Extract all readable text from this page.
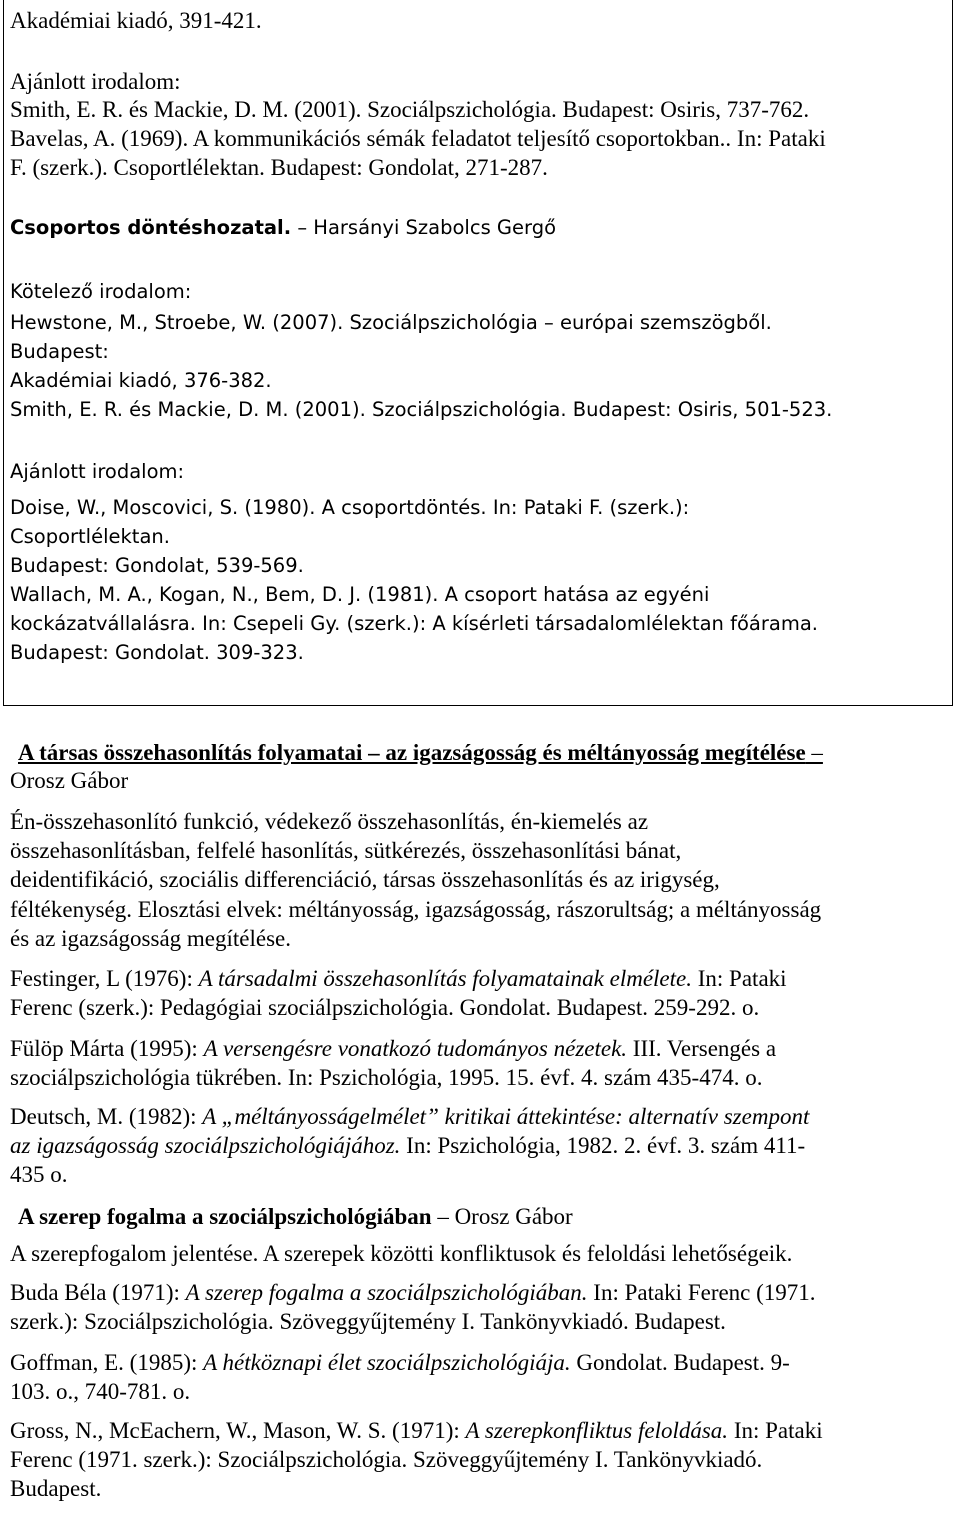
Akadémiai kiadó, 391-421.
Ajánlott irodalom:
Smith, E. R. és Mackie, D. M. (2001). Szociálpszichológia. Budapest: Osiris, 737-762.
Bavelas, A. (1969). A kommunikációs sémák feladatot teljesítő csoportokban.. In: Pataki
F. (szerk.). Csoportlélektan. Budapest: Gondolat, 271-287.
Csoportos döntéshozatal. – Harsányi Szabolcs Gergő
Kötelező irodalom:
Hewstone, M., Stroebe, W. (2007). Szociálpszichológia – európai szemszögből.
Budapest:
Akadémiai kiadó, 376-382.
Smith, E. R. és Mackie, D. M. (2001). Szociálpszichológia. Budapest: Osiris, 501-523.
Ajánlott irodalom:
Doise, W., Moscovici, S. (1980). A csoportdöntés. In: Pataki F. (szerk.):
Csoportlélektan.
Budapest: Gondolat, 539-569.
Wallach, M. A., Kogan, N., Bem, D. J. (1981). A csoport hatása az egyéni
kockázatvállalásra. In: Csepeli Gy. (szerk.): A kísérleti társadalomlélektan főárama.
Budapest: Gondolat. 309-323.
A társas összehasonlítás folyamatai – az igazságosság és méltányosság megítélése –
Orosz Gábor
Én-összehasonlító funkció, védekező összehasonlítás, én-kiemelés az
összehasonlításban, felfelé hasonlítás, sütkérezés, összehasonlítási bánat,
deidentifikáció, szociális differenciáció, társas összehasonlítás és az irigység,
féltékenység. Elosztási elvek: méltányosság, igazságosság, rászorultság; a méltányosság
és az igazságosság megítélése.
Festinger, L (1976): A társadalmi összehasonlítás folyamatainak elmélete. In: Pataki
Ferenc (szerk.): Pedagógiai szociálpszichológia. Gondolat. Budapest. 259-292. o.
Fülöp Márta (1995): A versengésre vonatkozó tudományos nézetek. III. Versengés a
szociálpszichológia tükrében. In: Pszichológia, 1995. 15. évf. 4. szám 435-474. o.
Deutsch, M. (1982): A „méltányosságelmélet” kritikai áttekintése: alternatív szempont
az igazságosság szociálpszichológiájához. In: Pszichológia, 1982. 2. évf. 3. szám 411-
435 o.
A szerep fogalma a szociálpszichológiában – Orosz Gábor
A szerepfogalom jelentése. A szerepek közötti konfliktusok és feloldási lehetőségeik.
Buda Béla (1971): A szerep fogalma a szociálpszichológiában. In: Pataki Ferenc (1971.
szerk.): Szociálpszichológia. Szöveggyűjtemény I. Tankönyvkiadó. Budapest.
Goffman, E. (1985): A hétköznapi élet szociálpszichológiája. Gondolat. Budapest. 9-
103. o., 740-781. o.
Gross, N., McEachern, W., Mason, W. S. (1971): A szerepkonfliktus feloldása. In: Pataki
Ferenc (1971. szerk.): Szociálpszichológia. Szöveggyűjtemény I. Tankönyvkiadó.
Budapest.
